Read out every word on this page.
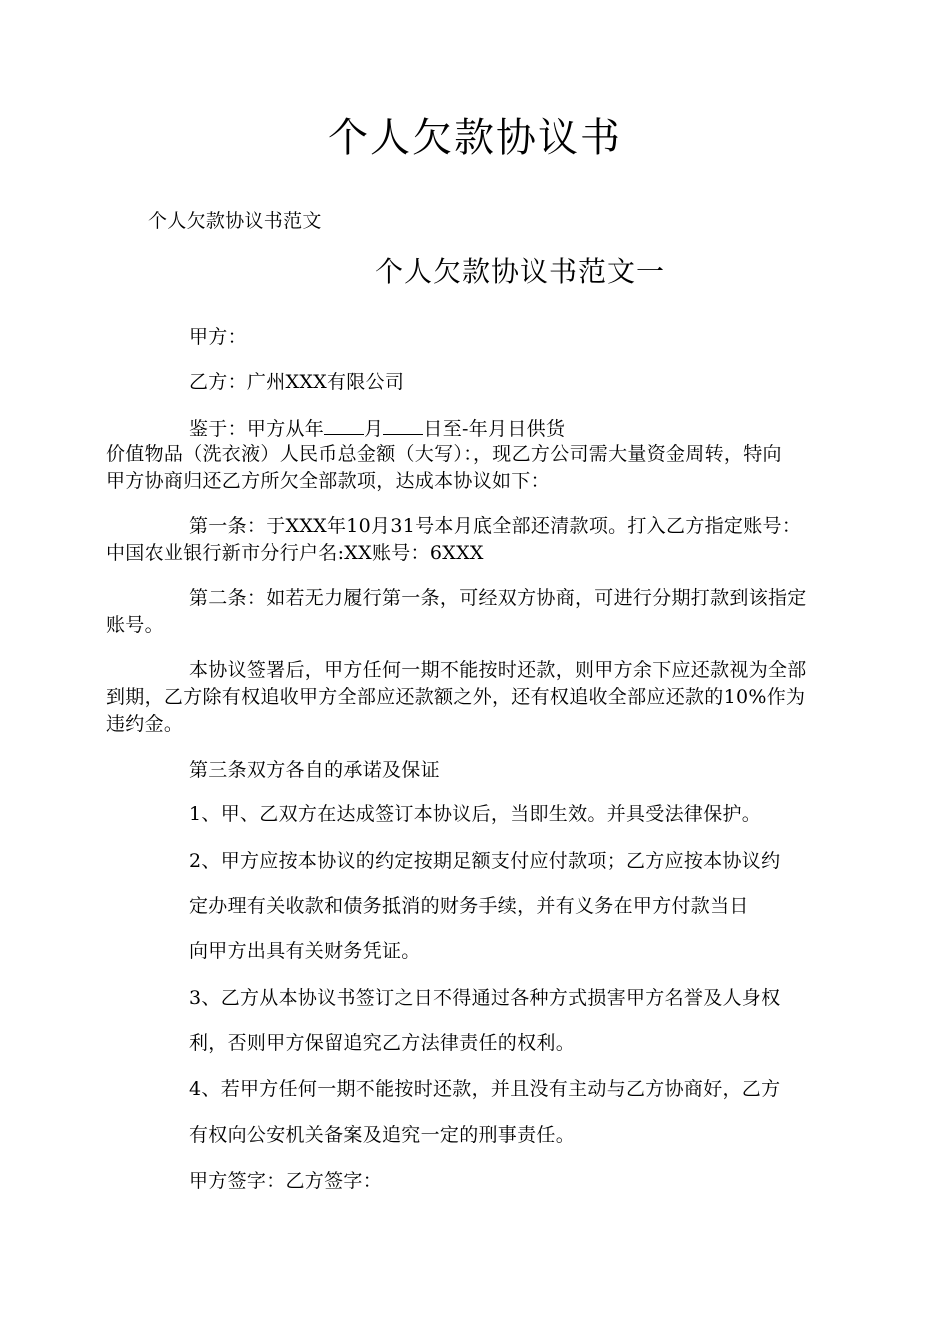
个人欠款协议书
个人欠款协议书范文
个人欠款协议书范文一
甲方：
乙方：广州XXX有限公司
鉴于：甲方从年 月 日至-年月日供货
价值物品（洗衣液）人民币总金额（大写）：，现乙方公司需大量资金周转，特向
甲方协商归还乙方所欠全部款项，达成本协议如下：
第一条：于XXX年10月31号本月底全部还清款项。打入乙方指定账号：
中国农业银行新市分行户名:XX账号：6XXX
第二条：如若无力履行第一条，可经双方协商，可进行分期打款到该指定
账号。
本协议签署后，甲方任何一期不能按时还款，则甲方余下应还款视为全部
到期，乙方除有权追收甲方全部应还款额之外，还有权追收全部应还款的10%作为
违约金。
第三条双方各自的承诺及保证
1、甲、乙双方在达成签订本协议后，当即生效。并具受法律保护。
2、甲方应按本协议的约定按期足额支付应付款项；乙方应按本协议约
定办理有关收款和债务抵消的财务手续，并有义务在甲方付款当日
向甲方出具有关财务凭证。
3、乙方从本协议书签订之日不得通过各种方式损害甲方名誉及人身权
利，否则甲方保留追究乙方法律责任的权利。
4、若甲方任何一期不能按时还款，并且没有主动与乙方协商好，乙方
有权向公安机关备案及追究一定的刑事责任。
甲方签字：乙方签字：
